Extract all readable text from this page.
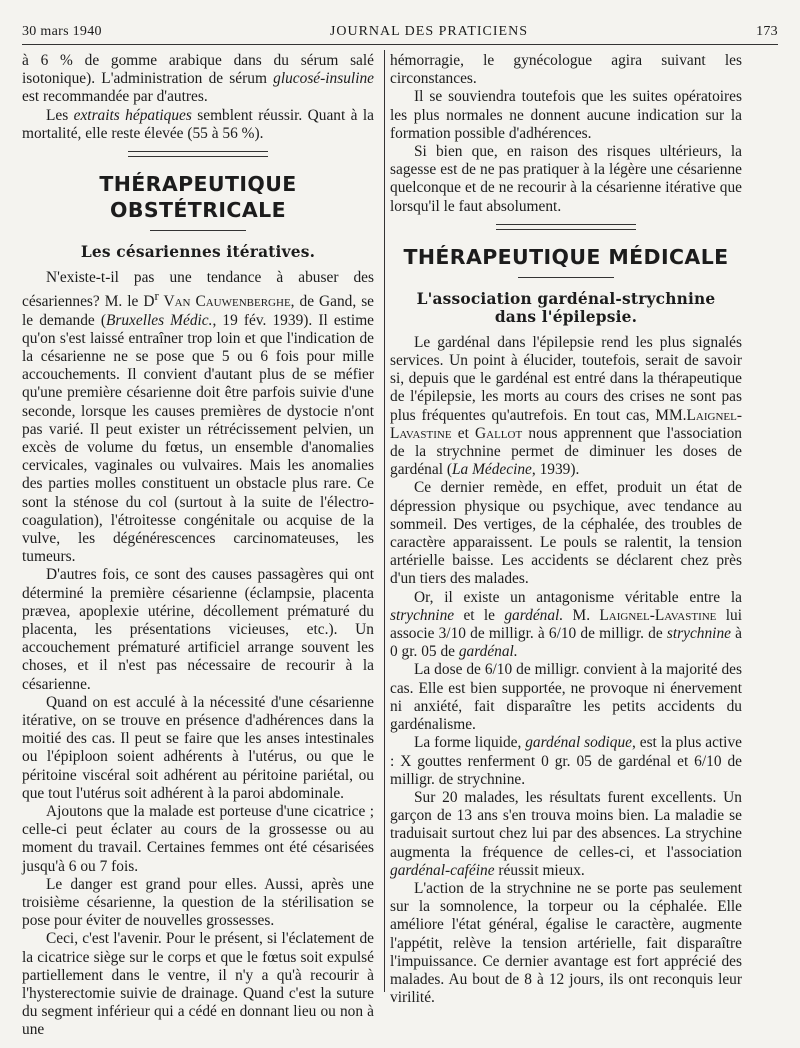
30 mars 1940	JOURNAL DES PRATICIENS	173

à 6 % de gomme arabique dans du sérum salé isotonique). L'administration de sérum glucosé-insuline est recommandée par d'autres.

Les extraits hépatiques semblent réussir. Quant à la mortalité, elle reste élevée (55 à 56 %).

THÉRAPEUTIQUE OBSTÉTRICALE
Les césariennes itératives.

N'existe-t-il pas une tendance à abuser des césariennes? M. le $D^r$ Van Cauwenberghe, de Gand, se le demande (Bruxelles Médic., 19 fév. 1939). Il estime qu'on s'est laissé entraîner trop loin et que l'indication de la césarienne ne se pose que 5 ou 6 fois pour mille accouchements. Il convient d'autant plus de se méfier qu'une première césarienne doit être parfois suivie d'une seconde, lorsque les causes premières de dystocie n'ont pas varié. Il peut exister un rétrécissement pelvien, un excès de volume du fœtus, un ensemble d'anomalies cervicales, vaginales ou vulvaires. Mais les anomalies des parties molles constituent un obstacle plus rare. Ce sont la sténose du col (surtout à la suite de l'électro-coagulation), l'étroitesse congénitale ou acquise de la vulve, les dégénérescences carcinomateuses, les tumeurs.

D'autres fois, ce sont des causes passagères qui ont déterminé la première césarienne (éclampsie, placenta prævea, apoplexie utérine, décollement prématuré du placenta, les présentations vicieuses, etc.). Un accouchement prématuré artificiel arrange souvent les choses, et il n'est pas nécessaire de recourir à la césarienne.

Quand on est acculé à la nécessité d'une césarienne itérative, on se trouve en présence d'adhérences dans la moitié des cas. Il peut se faire que les anses intestinales ou l'épiploon soient adhérents à l'utérus, ou que le péritoine viscéral soit adhérent au péritoine pariétal, ou que tout l'utérus soit adhérent à la paroi abdominale.

Ajoutons que la malade est porteuse d'une cicatrice ; celle-ci peut éclater au cours de la grossesse ou au moment du travail. Certaines femmes ont été césarisées jusqu'à 6 ou 7 fois.

Le danger est grand pour elles. Aussi, après une troisième césarienne, la question de la stérilisation se pose pour éviter de nouvelles grossesses.

Ceci, c'est l'avenir. Pour le présent, si l'éclatement de la cicatrice siège sur le corps et que le fœtus soit expulsé partiellement dans le ventre, il n'y a qu'à recourir à l'hysterectomie suivie de drainage. Quand c'est la suture du segment inférieur qui a cédé en donnant lieu ou non à une

hémorragie, le gynécologue agira suivant les circonstances.

Il se souviendra toutefois que les suites opératoires les plus normales ne donnent aucune indication sur la formation possible d'adhérences.

Si bien que, en raison des risques ultérieurs, la sagesse est de ne pas pratiquer à la légère une césarienne quelconque et de ne recourir à la césarienne itérative que lorsqu'il le faut absolument.

THÉRAPEUTIQUE MÉDICALE
L'association gardénal-strychnine
dans l'épilepsie.

Le gardénal dans l'épilepsie rend les plus signalés services. Un point à élucider, toutefois, serait de savoir si, depuis que le gardénal est entré dans la thérapeutique de l'épilepsie, les morts au cours des crises ne sont pas plus fréquentes qu'autrefois. En tout cas, MM.Laignel-Lavastine et Gallot nous apprennent que l'association de la strychnine permet de diminuer les doses de gardénal (La Médecine, 1939).

Ce dernier remède, en effet, produit un état de dépression physique ou psychique, avec tendance au sommeil. Des vertiges, de la céphalée, des troubles de caractère apparaissent. Le pouls se ralentit, la tension artérielle baisse. Les accidents se déclarent chez près d'un tiers des malades.

Or, il existe un antagonisme véritable entre la strychnine et le gardénal. M. Laignel-Lavastine lui associe 3/10 de milligr. à 6/10 de milligr. de strychnine à 0 gr. 05 de gardénal.

La dose de 6/10 de milligr. convient à la majorité des cas. Elle est bien supportée, ne provoque ni énervement ni anxiété, fait disparaître les petits accidents du gardénalisme.

La forme liquide, gardénal sodique, est la plus active : X gouttes renferment 0 gr. 05 de gardénal et 6/10 de milligr. de strychnine.

Sur 20 malades, les résultats furent excellents. Un garçon de 13 ans s'en trouva moins bien. La maladie se traduisait surtout chez lui par des absences. La strychine augmenta la fréquence de celles-ci, et l'association gardénal-caféine réussit mieux.

L'action de la strychnine ne se porte pas seulement sur la somnolence, la torpeur ou la céphalée. Elle améliore l'état général, égalise le caractère, augmente l'appétit, relève la tension artérielle, fait disparaître l'impuissance. Ce dernier avantage est fort apprécié des malades. Au bout de 8 à 12 jours, ils ont reconquis leur virilité.
